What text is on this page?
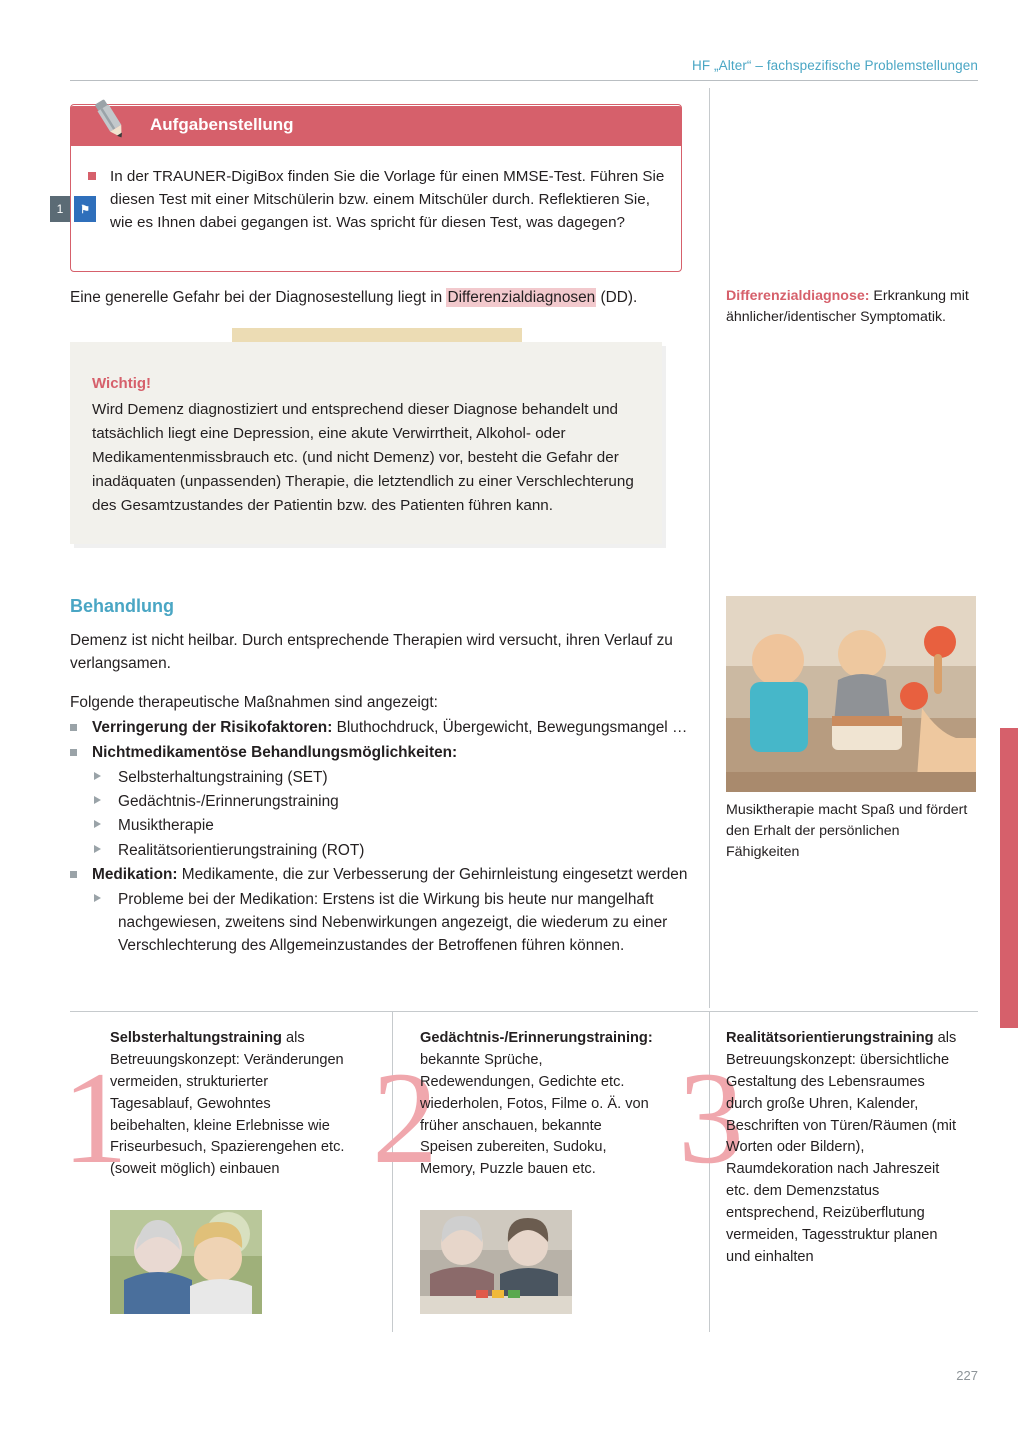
HF „Alter“ – fachspezifische Problemstellungen
Aufgabenstellung
1	⚑
In der TRAUNER-DigiBox finden Sie die Vorlage für einen MMSE-Test. Führen Sie diesen Test mit einer Mitschülerin bzw. einem Mitschüler durch. Reflektieren Sie, wie es Ihnen dabei gegangen ist. Was spricht für diesen Test, was dagegen?
Eine generelle Gefahr bei der Diagnosestellung liegt in Differenzialdiagnosen (DD).
Wichtig!
Wird Demenz diagnostiziert und entsprechend dieser Diagnose behandelt und tatsächlich liegt eine Depression, eine akute Verwirrtheit, Alkohol- oder Medikamentenmissbrauch etc. (und nicht Demenz) vor, besteht die Gefahr der inadäquaten (unpassenden) Therapie, die letztendlich zu einer Verschlechterung des Gesamtzustandes der Patientin bzw. des Patienten führen kann.
Behandlung
Demenz ist nicht heilbar. Durch entsprechende Therapien wird versucht, ihren Verlauf zu verlangsamen.
Folgende therapeutische Maßnahmen sind angezeigt:
Verringerung der Risikofaktoren: Bluthochdruck, Übergewicht, Bewegungsmangel …
Nichtmedikamentöse Behandlungsmöglichkeiten:
Selbsterhaltungstraining (SET)
Gedächtnis-/Erinnerungstraining
Musiktherapie
Realitätsorientierungstraining (ROT)
Medikation: Medikamente, die zur Verbesserung der Gehirnleistung eingesetzt werden
Probleme bei der Medikation: Erstens ist die Wirkung bis heute nur mangelhaft nachgewiesen, zweitens sind Nebenwirkungen angezeigt, die wiederum zu einer Verschlechterung des Allgemeinzustandes der Betroffenen führen können.
Differenzialdiagnose: Erkrankung mit ähnlicher/identischer Symptomatik.
Musiktherapie macht Spaß und fördert den Erhalt der persönlichen Fähigkeiten
1
Selbsterhaltungstraining als Betreuungskonzept: Veränderungen vermeiden, strukturierter Tagesablauf, Gewohntes beibehalten, kleine Erlebnisse wie Friseurbesuch, Spazierengehen etc. (soweit möglich) einbauen 2
Gedächtnis-/Erinnerungstraining: bekannte Sprüche, Redewendungen, Gedichte etc. wiederholen, Fotos, Filme o. Ä. von früher anschauen, bekannte Speisen zubereiten, Sudoku, Memory, Puzzle bauen etc. 3
Realitätsorientierungstraining als Betreuungskonzept: übersichtliche Gestaltung des Lebensraumes durch große Uhren, Kalender, Beschriften von Türen/Räumen (mit Worten oder Bildern), Raumdekoration nach Jahreszeit etc. dem Demenzstatus entsprechend, Reizüberflutung vermeiden, Tagesstruktur planen und einhalten
227
